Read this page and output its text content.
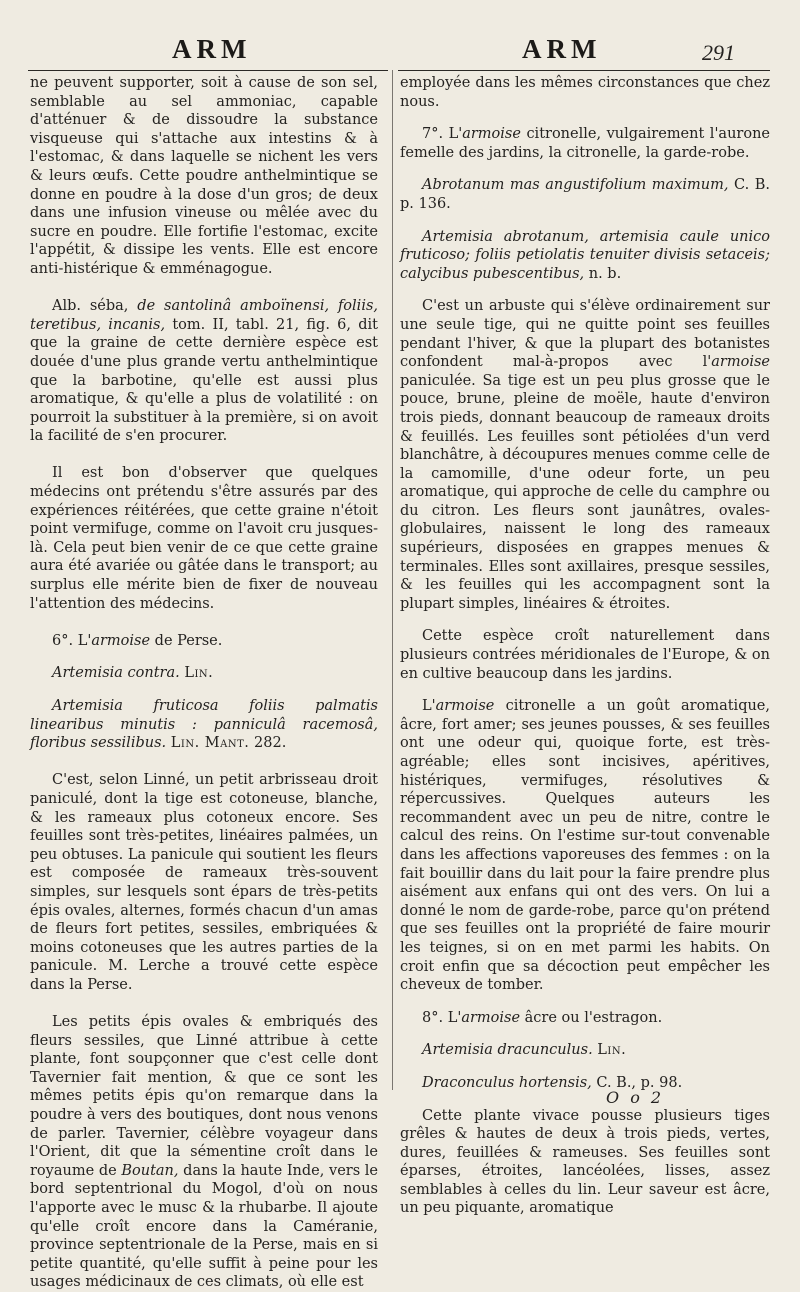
ARM	ARM	291

ne peuvent supporter, soit à cause de son sel, semblable au sel ammoniac, capable d'atténuer & de dissoudre la substance visqueuse qui s'attache aux intestins & à l'estomac, & dans laquelle se nichent les vers & leurs œufs. Cette poudre anthelmintique se donne en poudre à la dose d'un gros; de deux dans une infusion vineuse ou mêlée avec du sucre en poudre. Elle fortifie l'estomac, excite l'appétit, & dissipe les vents. Elle est encore anti-histérique & emménagogue.

Alb. séba, de santolinâ amboïnensi, foliis, teretibus, incanis, tom. II, tabl. 21, fig. 6, dit que la graine de cette dernière espèce est douée d'une plus grande vertu anthelmintique que la barbotine, qu'elle est aussi plus aromatique, & qu'elle a plus de volatilité : on pourroit la substituer à la première, si on avoit la facilité de s'en procurer.

Il est bon d'observer que quelques médecins ont prétendu s'être assurés par des expériences réitérées, que cette graine n'étoit point vermifuge, comme on l'avoit cru jusques-là. Cela peut bien venir de ce que cette graine aura été avariée ou gâtée dans le transport; au surplus elle mérite bien de fixer de nouveau l'attention des médecins.

6°. L'armoise de Perse.

Artemisia contra. Lin.

Artemisia fruticosa foliis palmatis linearibus minutis : panniculâ racemosâ, floribus sessilibus. Lin. Mant. 282.

C'est, selon Linné, un petit arbrisseau droit paniculé, dont la tige est cotoneuse, blanche, & les rameaux plus cotoneux encore. Ses feuilles sont très-petites, linéaires palmées, un peu obtuses. La panicule qui soutient les fleurs est composée de rameaux très-souvent simples, sur lesquels sont épars de très-petits épis ovales, alternes, formés chacun d'un amas de fleurs fort petites, sessiles, embriquées & moins cotoneuses que les autres parties de la panicule. M. Lerche a trouvé cette espèce dans la Perse.

Les petits épis ovales & embriqués des fleurs sessiles, que Linné attribue à cette plante, font soupçonner que c'est celle dont Tavernier fait mention, & que ce sont les mêmes petits épis qu'on remarque dans la poudre à vers des boutiques, dont nous venons de parler. Tavernier, célèbre voyageur dans l'Orient, dit que la sémentine croît dans le royaume de Boutan, dans la haute Inde, vers le bord septentrional du Mogol, d'où on nous l'apporte avec le musc & la rhubarbe. Il ajoute qu'elle croît encore dans la Caméranie, province septentrionale de la Perse, mais en si petite quantité, qu'elle suffit à peine pour les usages médicinaux de ces climats, où elle est

employée dans les mêmes circonstances que chez nous.

7°. L'armoise citronelle, vulgairement l'aurone femelle des jardins, la citronelle, la garde-robe.

Abrotanum mas angustifolium maximum, C. B. p. 136.

Artemisia abrotanum, artemisia caule unico fruticoso; foliis petiolatis tenuiter divisis setaceis; calycibus pubescentibus, n. b.

C'est un arbuste qui s'élève ordinairement sur une seule tige, qui ne quitte point ses feuilles pendant l'hiver, & que la plupart des botanistes confondent mal-à-propos avec l'armoise paniculée. Sa tige est un peu plus grosse que le pouce, brune, pleine de moële, haute d'environ trois pieds, donnant beaucoup de rameaux droits & feuillés. Les feuilles sont pétiolées d'un verd blanchâtre, à découpures menues comme celle de la camomille, d'une odeur forte, un peu aromatique, qui approche de celle du camphre ou du citron. Les fleurs sont jaunâtres, ovales-globulaires, naissent le long des rameaux supérieurs, disposées en grappes menues & terminales. Elles sont axillaires, presque sessiles, & les feuilles qui les accompagnent sont la plupart simples, linéaires & étroites.

Cette espèce croît naturellement dans plusieurs contrées méridionales de l'Europe, & on en cultive beaucoup dans les jardins.

L'armoise citronelle a un goût aromatique, âcre, fort amer; ses jeunes pousses, & ses feuilles ont une odeur qui, quoique forte, est très-agréable; elles sont incisives, apéritives, histériques, vermifuges, résolutives & répercussives. Quelques auteurs les recommandent avec un peu de nitre, contre le calcul des reins. On l'estime sur-tout convenable dans les affections vaporeuses des femmes : on la fait bouillir dans du lait pour la faire prendre plus aisément aux enfans qui ont des vers. On lui a donné le nom de garde-robe, parce qu'on prétend que ses feuilles ont la propriété de faire mourir les teignes, si on en met parmi les habits. On croit enfin que sa décoction peut empêcher les cheveux de tomber.

8°. L'armoise âcre ou l'estragon.

Artemisia dracunculus. Lin.

Draconculus hortensis, C. B., p. 98.

Cette plante vivace pousse plusieurs tiges grêles & hautes de deux à trois pieds, vertes, dures, feuillées & rameuses. Ses feuilles sont éparses, étroites, lancéolées, lisses, assez semblables à celles du lin. Leur saveur est âcre, un peu piquante, aromatique

O o 2
